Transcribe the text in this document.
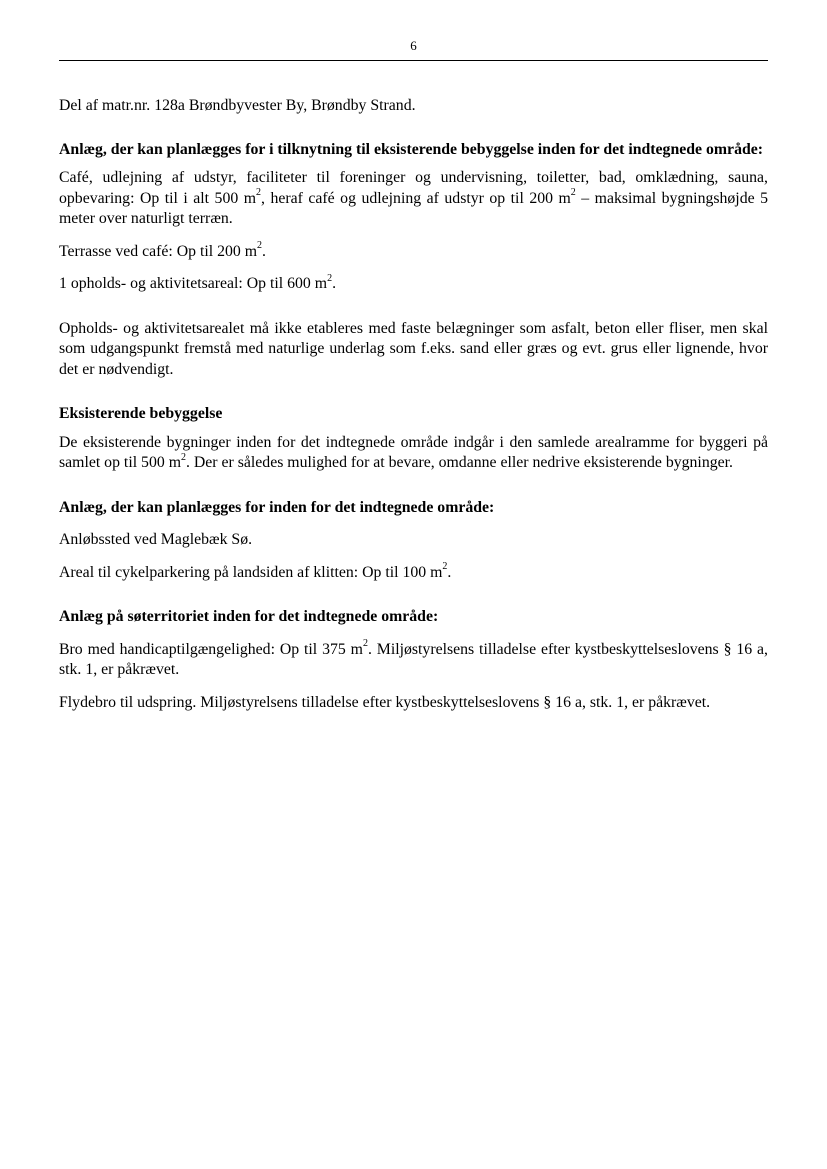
6

Del af matr.nr. 128a Brøndbyvester By, Brøndby Strand.

Anlæg, der kan planlægges for i tilknytning til eksisterende bebyggelse inden for det indtegnede område:

Café, udlejning af udstyr, faciliteter til foreninger og undervisning, toiletter, bad, omklædning, sauna, opbevaring: Op til i alt 500 $m^2$, heraf café og udlejning af udstyr op til 200 $m^2$ – maksimal bygningshøjde 5 meter over naturligt terræn.

Terrasse ved café: Op til 200 $m^2$.

1 opholds- og aktivitetsareal: Op til 600 $m^2$.

Opholds- og aktivitetsarealet må ikke etableres med faste belægninger som asfalt, beton eller fliser, men skal som udgangspunkt fremstå med naturlige underlag som f.eks. sand eller græs og evt. grus eller lignende, hvor det er nødvendigt.

Eksisterende bebyggelse

De eksisterende bygninger inden for det indtegnede område indgår i den samlede arealramme for byggeri på samlet op til 500 $m^2$. Der er således mulighed for at bevare, omdanne eller nedrive eksisterende bygninger.

Anlæg, der kan planlægges for inden for det indtegnede område:

Anløbssted ved Maglebæk Sø.

Areal til cykelparkering på landsiden af klitten: Op til 100 $m^2$.

Anlæg på søterritoriet inden for det indtegnede område:

Bro med handicaptilgængelighed: Op til 375 $m^2$. Miljøstyrelsens tilladelse efter kystbeskyttelseslovens § 16 a, stk. 1, er påkrævet.

Flydebro til udspring. Miljøstyrelsens tilladelse efter kystbeskyttelseslovens § 16 a, stk. 1, er påkrævet.
